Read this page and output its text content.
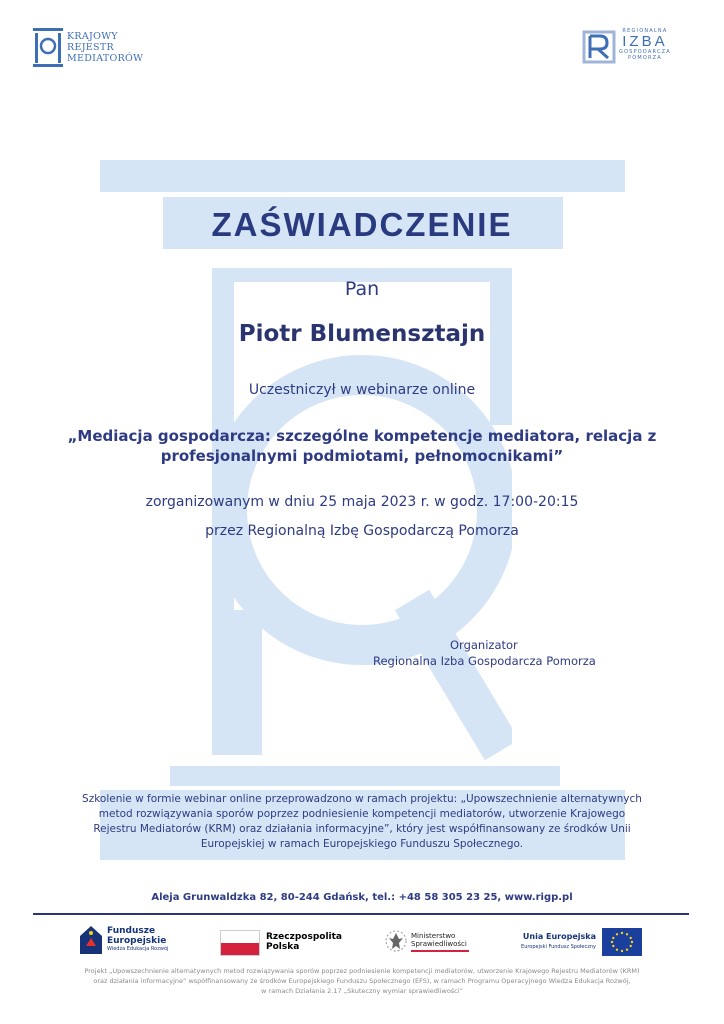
KRAJOWY
REJESTR
MEDIATORÓW
REGIONALNA
IZBA
GOSPODARCZA
POMORZA
ZAŚWIADCZENIE
Pan
Piotr Blumensztajn
Uczestniczył w webinarze online
„Mediacja gospodarcza: szczególne kompetencje mediatora, relacja z
profesjonalnymi podmiotami, pełnomocnikami”
zorganizowanym w dniu 25 maja 2023 r. w godz. 17:00-20:15
przez Regionalną Izbę Gospodarczą Pomorza
Organizator
Regionalna Izba Gospodarcza Pomorza
Szkolenie w formie webinar online przeprowadzono w ramach projektu: „Upowszechnienie alternatywnych
metod rozwiązywania sporów poprzez podniesienie kompetencji mediatorów, utworzenie Krajowego
Rejestru Mediatorów (KRM) oraz działania informacyjne”, który jest współfinansowany ze środków Unii
Europejskiej w ramach Europejskiego Funduszu Społecznego.
Aleja Grunwaldzka 82, 80-244 Gdańsk, tel.: +48 58 305 23 25, www.rigp.pl
Fundusze
Europejskie
Wiedza Edukacja Rozwój
Rzeczpospolita
Polska
Ministerstwo
Sprawiedliwości
Unia Europejska
Europejski Fundusz Społeczny
Projekt „Upowszechnienie alternatywnych metod rozwiązywania sporów poprzez podniesienie kompetencji mediatorów, utworzenie Krajowego Rejestru Mediatorów (KRM)
oraz działania informacyjne” współfinansowany ze środków Europejskiego Funduszu Społecznego (EFS), w ramach Programu Operacyjnego Wiedza Edukacja Rozwój,
w ramach Działania 2.17 „Skuteczny wymiar sprawiedliwości”
